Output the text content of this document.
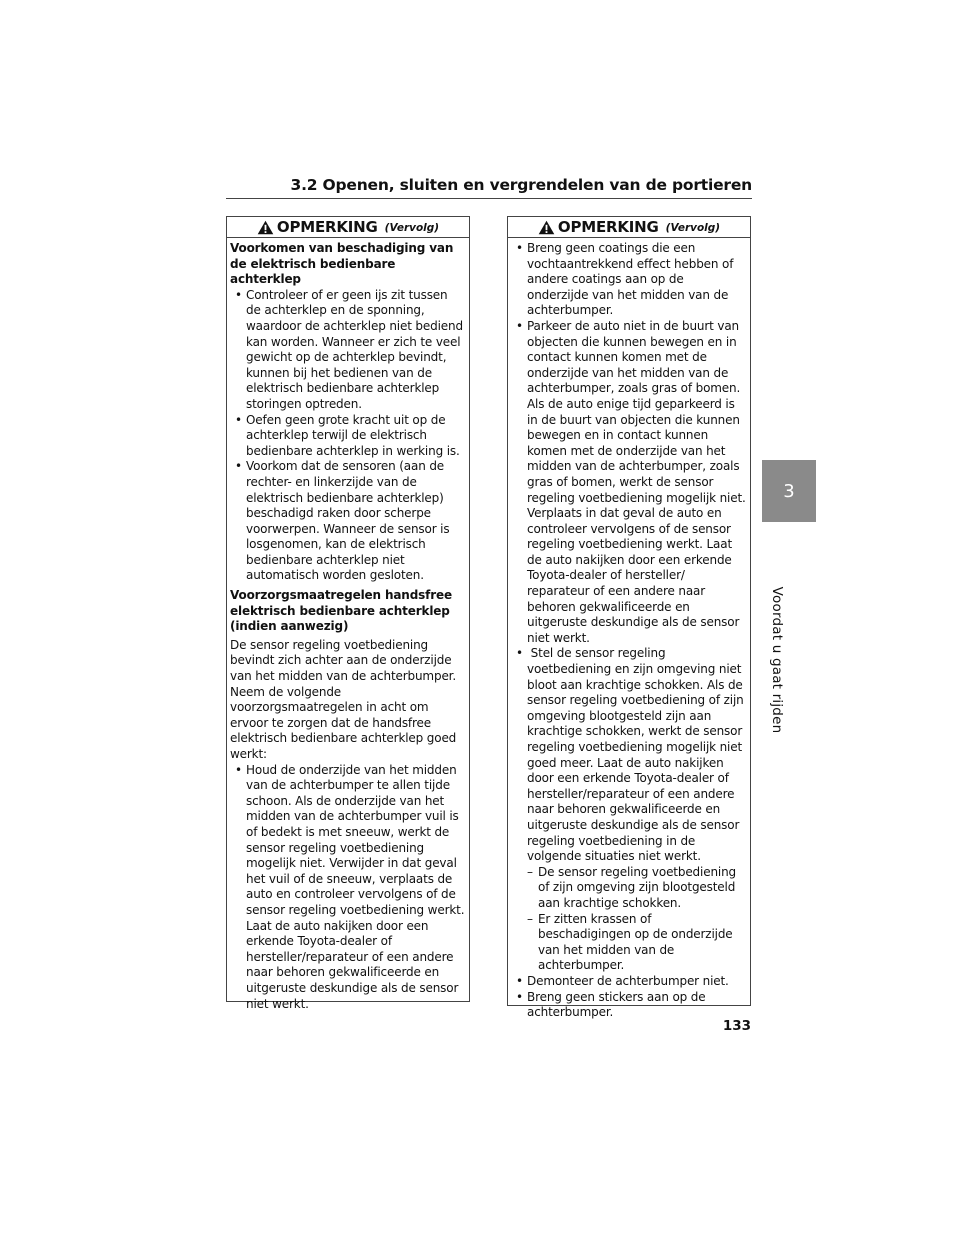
3.2 Openen, sluiten en vergrendelen van de portieren
OPMERKING (Vervolg)

Voorkomen van beschadiging van de elektrisch bedienbare achterklep

• Controleer of er geen ijs zit tussen de achterklep en de sponning, waardoor de achterklep niet bediend kan worden. Wanneer er zich te veel gewicht op de achterklep bevindt, kunnen bij het bedienen van de elektrisch bedienbare achterklep storingen optreden.
• Oefen geen grote kracht uit op de achterklep terwijl de elektrisch bedienbare achterklep in werking is.
• Voorkom dat de sensoren (aan de rechter- en linkerzijde van de elektrisch bedienbare achterklep) beschadigd raken door scherpe voorwerpen. Wanneer de sensor is losgenomen, kan de elektrisch bedienbare achterklep niet automatisch worden gesloten.

Voorzorgsmaatregelen handsfree elektrisch bedienbare achterklep (indien aanwezig)

De sensor regeling voetbediening bevindt zich achter aan de onderzijde van het midden van de achterbumper. Neem de volgende voorzorgsmaatregelen in acht om ervoor te zorgen dat de handsfree elektrisch bedienbare achterklep goed werkt:

• Houd de onderzijde van het midden van de achterbumper te allen tijde schoon. Als de onderzijde van het midden van de achterbumper vuil is of bedekt is met sneeuw, werkt de sensor regeling voetbediening mogelijk niet. Verwijder in dat geval het vuil of de sneeuw, verplaats de auto en controleer vervolgens of de sensor regeling voetbediening werkt. Laat de auto nakijken door een erkende Toyota-dealer of hersteller/reparateur of een andere naar behoren gekwalificeerde en uitgeruste deskundige als de sensor niet werkt.
OPMERKING (Vervolg)
• Breng geen coatings die een vochtaantrekkend effect hebben of andere coatings aan op de onderzijde van het midden van de achterbumper.
• Parkeer de auto niet in de buurt van objecten die kunnen bewegen en in contact kunnen komen met de onderzijde van het midden van de achterbumper, zoals gras of bomen. Als de auto enige tijd geparkeerd is in de buurt van objecten die kunnen bewegen en in contact kunnen komen met de onderzijde van het midden van de achterbumper, zoals gras of bomen, werkt de sensor regeling voetbediening mogelijk niet. Verplaats in dat geval de auto en controleer vervolgens of de sensor regeling voetbediening werkt. Laat de auto nakijken door een erkende Toyota-dealer of hersteller/ reparateur of een andere naar behoren gekwalificeerde en uitgeruste deskundige als de sensor niet werkt.
• Stel de sensor regeling voetbediening en zijn omgeving niet bloot aan krachtige schokken. Als de sensor regeling voetbediening of zijn omgeving blootgesteld zijn aan krachtige schokken, werkt de sensor regeling voetbediening mogelijk niet goed meer. Laat de auto nakijken door een erkende Toyota-dealer of hersteller/reparateur of een andere naar behoren gekwalificeerde en uitgeruste deskundige als de sensor regeling voetbediening in de volgende situaties niet werkt.
– De sensor regeling voetbediening of zijn omgeving zijn blootgesteld aan krachtige schokken.
– Er zitten krassen of beschadigingen op de onderzijde van het midden van de achterbumper.
• Demonteer de achterbumper niet.
• Breng geen stickers aan op de achterbumper.
3
Voordat u gaat rijden
133
